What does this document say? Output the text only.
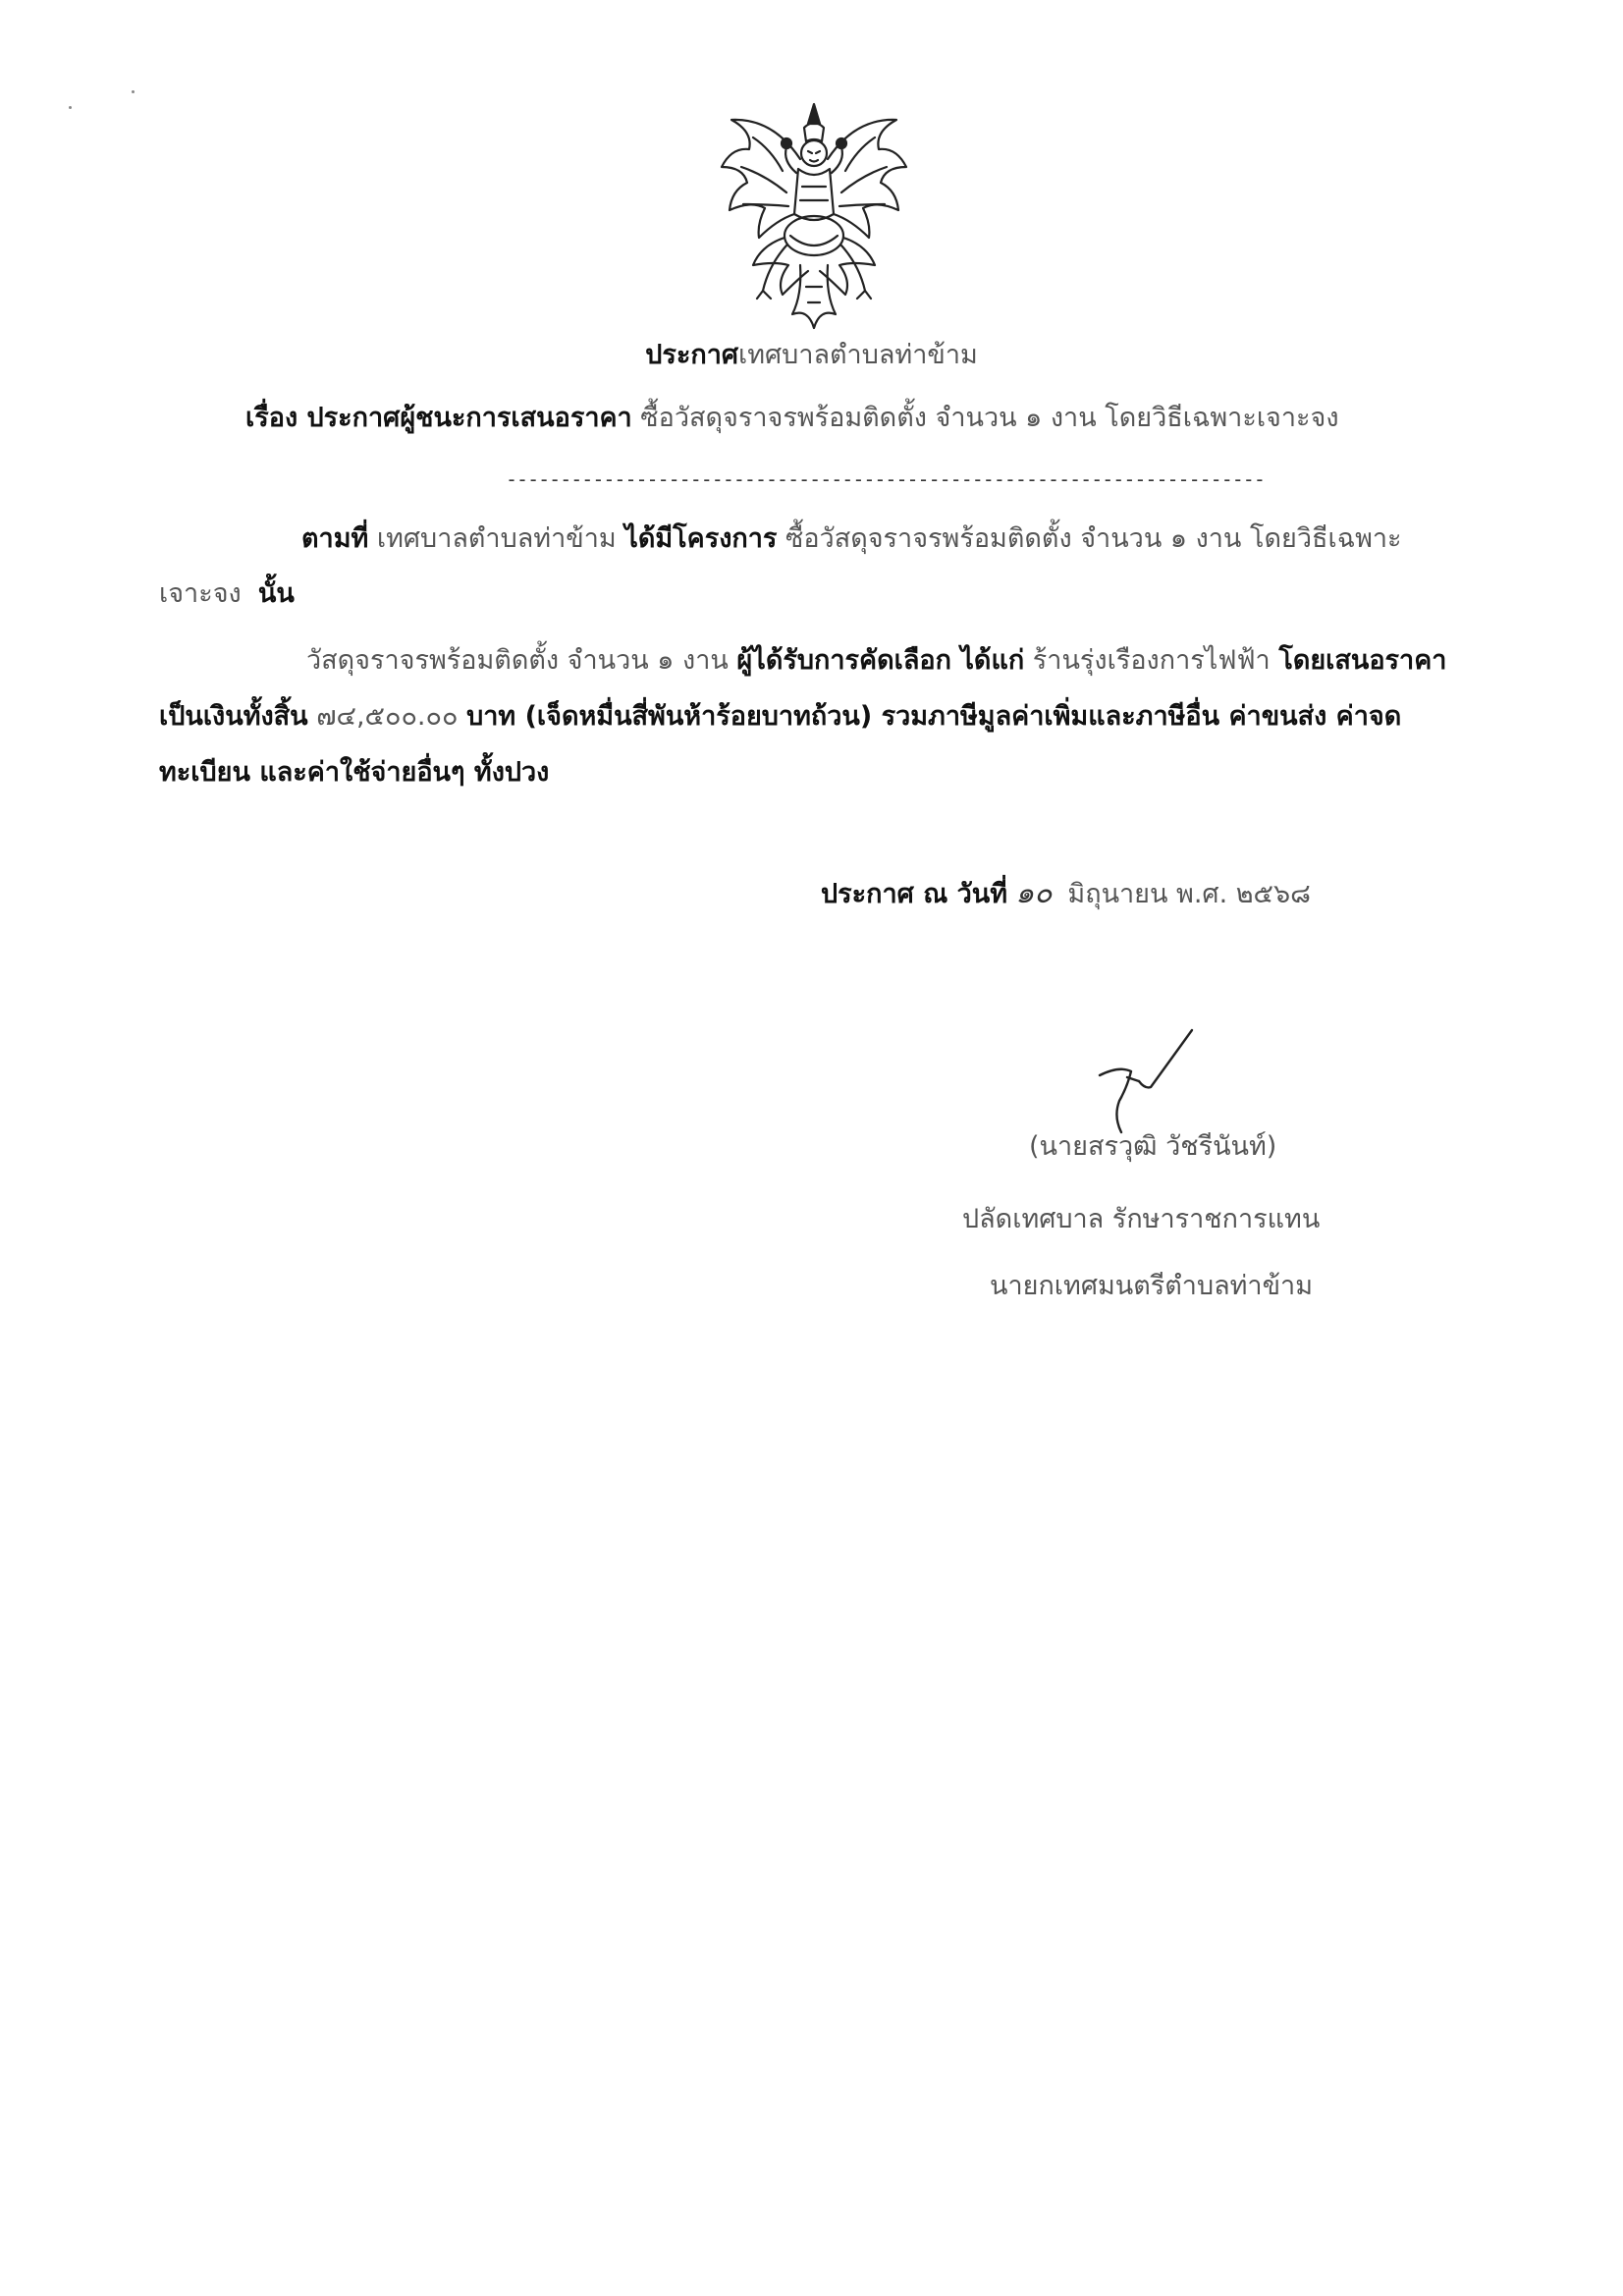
ประกาศเทศบาลตำบลท่าข้าม
เรื่อง ประกาศผู้ชนะการเสนอราคา ซื้อวัสดุจราจรพร้อมติดตั้ง จำนวน ๑ งาน โดยวิธีเฉพาะเจาะจง
----------------------------------------------------------------------
ตามที่ เทศบาลตำบลท่าข้าม ได้มีโครงการ ซื้อวัสดุจราจรพร้อมติดตั้ง จำนวน ๑ งาน โดยวิธีเฉพาะ
เจาะจง นั้น
วัสดุจราจรพร้อมติดตั้ง จำนวน ๑ งาน ผู้ได้รับการคัดเลือก ได้แก่ ร้านรุ่งเรืองการไฟฟ้า โดยเสนอราคา
เป็นเงินทั้งสิ้น ๗๔,๕๐๐.๐๐ บาท (เจ็ดหมื่นสี่พันห้าร้อยบาทถ้วน) รวมภาษีมูลค่าเพิ่มและภาษีอื่น ค่าขนส่ง ค่าจด
ทะเบียน และค่าใช้จ่ายอื่นๆ ทั้งปวง
ประกาศ ณ วันที่ ๑๐ มิถุนายน พ.ศ. ๒๕๖๘
(นายสรวุฒิ วัชรีนันท์)
ปลัดเทศบาล รักษาราชการแทน
นายกเทศมนตรีตำบลท่าข้าม
